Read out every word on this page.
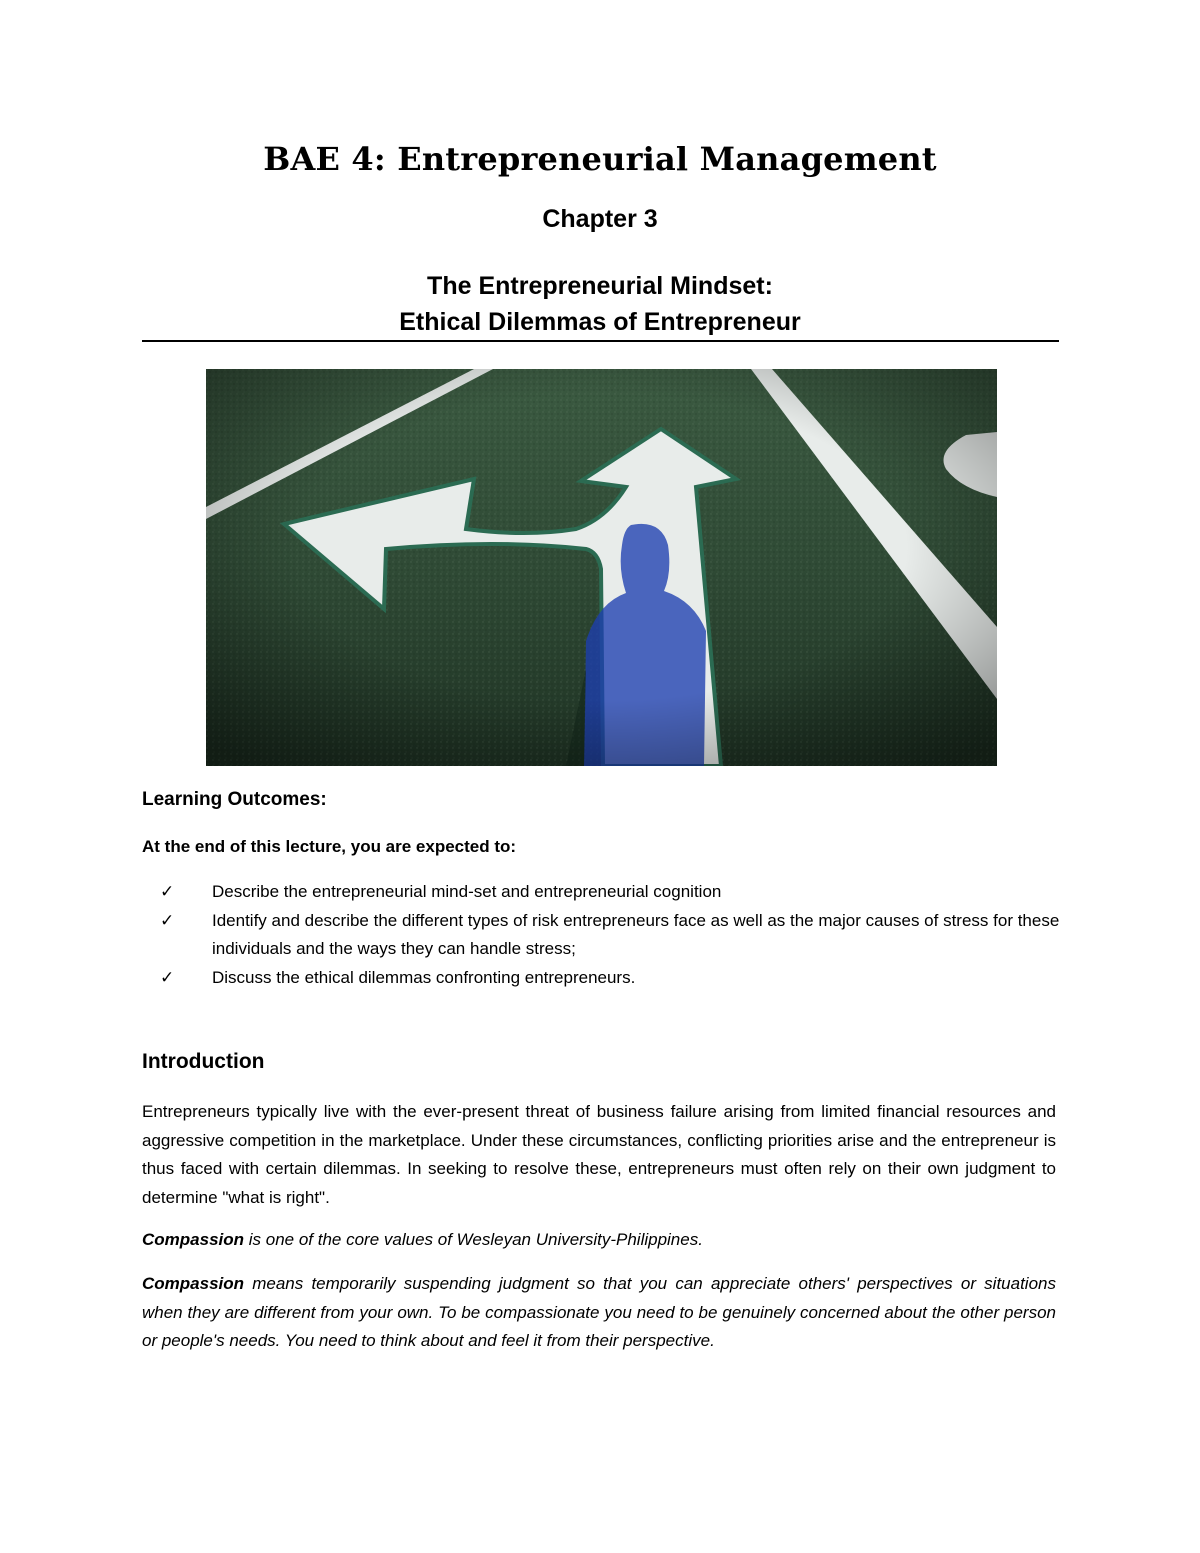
BAE 4: Entrepreneurial Management
Chapter 3
The Entrepreneurial Mindset:
Ethical Dilemmas of Entrepreneur
Learning Outcomes:

At the end of this lecture, you are expected to:

✓ Describe the entrepreneurial mind-set and entrepreneurial cognition
✓ Identify and describe the different types of risk entrepreneurs face as well as the major causes of stress for these individuals and the ways they can handle stress;
✓ Discuss the ethical dilemmas confronting entrepreneurs.
Introduction

Entrepreneurs typically live with the ever-present threat of business failure arising from limited financial resources and aggressive competition in the marketplace. Under these circumstances, conflicting priorities arise and the entrepreneur is thus faced with certain dilemmas. In seeking to resolve these, entrepreneurs must often rely on their own judgment to determine "what is right".

Compassion is one of the core values of Wesleyan University-Philippines.

Compassion means temporarily suspending judgment so that you can appreciate others' perspectives or situations when they are different from your own. To be compassionate you need to be genuinely concerned about the other person or people's needs. You need to think about and feel it from their perspective.
